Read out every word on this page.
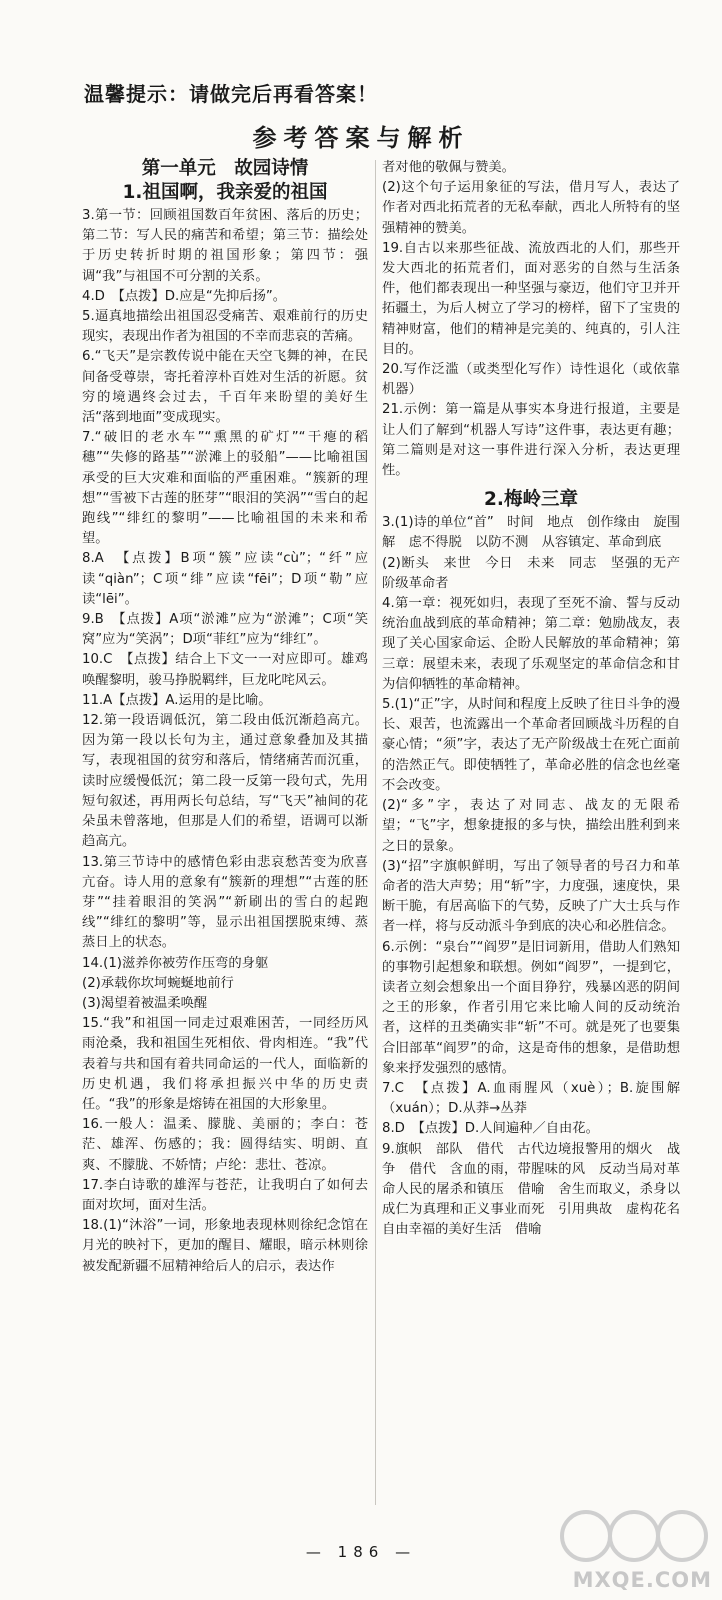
温馨提示：请做完后再看答案！
参考答案与解析
第一单元　故园诗情
1.祖国啊，我亲爱的祖国

3.第一节：回顾祖国数百年贫困、落后的历史；第二节：写人民的痛苦和希望；第三节：描绘处于历史转折时期的祖国形象；第四节：强调“我”与祖国不可分割的关系。

4.D　【点拨】D.应是“先抑后扬”。

5.逼真地描绘出祖国忍受痛苦、艰难前行的历史现实，表现出作者为祖国的不幸而悲哀的苦痛。

6.“飞天”是宗教传说中能在天空飞舞的神，在民间备受尊崇，寄托着淳朴百姓对生活的祈愿。贫穷的境遇终会过去，千百年来盼望的美好生活“落到地面”变成现实。

7.“破旧的老水车”“熏黑的矿灯”“干瘪的稻穗”“失修的路基”“淤滩上的驳船”——比喻祖国承受的巨大灾难和面临的严重困难。“簇新的理想”“雪被下古莲的胚芽”“眼泪的笑涡”“雪白的起跑线”“绯红的黎明”——比喻祖国的未来和希望。

8.A　【点拨】B项“簇”应读“cù”；“纤”应读“qiàn”；C项“绯”应读“fēi”；D项“勒”应读“lēi”。

9.B　【点拨】A项“淤滩”应为“淤滩”；C项“笑窝”应为“笑涡”；D项“菲红”应为“绯红”。

10.C　【点拨】结合上下文一一对应即可。雄鸡唤醒黎明，骏马挣脱羁绊，巨龙叱咤风云。

11.A【点拨】A.运用的是比喻。

12.第一段语调低沉，第二段由低沉渐趋高亢。因为第一段以长句为主，通过意象叠加及其描写，表现祖国的贫穷和落后，情绪痛苦而沉重，读时应缓慢低沉；第二段一反第一段句式，先用短句叙述，再用两长句总结，写“飞天”袖间的花朵虽未曾落地，但那是人们的希望，语调可以渐趋高亢。

13.第三节诗中的感情色彩由悲哀愁苦变为欣喜亢奋。诗人用的意象有“簇新的理想”“古莲的胚芽”“挂着眼泪的笑涡”“新刷出的雪白的起跑线”“绯红的黎明”等，显示出祖国摆脱束缚、蒸蒸日上的状态。

14.(1)滋养你被劳作压弯的身躯
(2)承载你坎坷蜿蜒地前行
(3)渴望着被温柔唤醒

15.“我”和祖国一同走过艰难困苦，一同经历风雨沧桑，我和祖国生死相依、骨肉相连。“我”代表着与共和国有着共同命运的一代人，面临新的历史机遇，我们将承担振兴中华的历史责任。“我”的形象是熔铸在祖国的大形象里。

16.一般人：温柔、朦胧、美丽的；李白：苍茫、雄浑、伤感的；我：圆得结实、明朗、直爽、不朦胧、不娇情；卢纶：悲壮、苍凉。

17.李白诗歌的雄浑与苍茫，让我明白了如何去面对坎坷，面对生活。

18.(1)“沐浴”一词，形象地表现林则徐纪念馆在月光的映衬下，更加的醒目、耀眼，暗示林则徐被发配新疆不屈精神给后人的启示，表达作

者对他的敬佩与赞美。

(2)这个句子运用象征的写法，借月写人，表达了作者对西北拓荒者的无私奉献，西北人所特有的坚强精神的赞美。

19.自古以来那些征战、流放西北的人们，那些开发大西北的拓荒者们，面对恶劣的自然与生活条件，他们都表现出一种坚强与豪迈，他们守卫并开拓疆土，为后人树立了学习的榜样，留下了宝贵的精神财富，他们的精神是完美的、纯真的，引人注目的。

20.写作泛滥（或类型化写作）诗性退化（或依靠机器）

21.示例：第一篇是从事实本身进行报道，主要是让人们了解到“机器人写诗”这件事，表达更有趣；第二篇则是对这一事件进行深入分析，表达更理性。

2.梅岭三章

3.(1)诗的单位“首”　时间　地点　创作缘由　旋围解　虑不得脱　以防不测　从容镇定、革命到底
(2)断头　来世　今日　未来　同志　坚强的无产阶级革命者

4.第一章：视死如归，表现了至死不渝、誓与反动统治血战到底的革命精神；第二章：勉励战友，表现了关心国家命运、企盼人民解放的革命精神；第三章：展望未来，表现了乐观坚定的革命信念和甘为信仰牺牲的革命精神。

5.(1)“正”字，从时间和程度上反映了往日斗争的漫长、艰苦，也流露出一个革命者回顾战斗历程的自豪心情；“须”字，表达了无产阶级战士在死亡面前的浩然正气。即使牺牲了，革命必胜的信念也丝毫不会改变。
(2)“多”字，表达了对同志、战友的无限希望；“飞”字，想象捷报的多与快，描绘出胜利到来之日的景象。
(3)“招”字旗帜鲜明，写出了领导者的号召力和革命者的浩大声势；用“斩”字，力度强，速度快，果断干脆，有居高临下的气势，反映了广大士兵与作者一样，将与反动派斗争到底的决心和必胜信念。

6.示例：“泉台”“阎罗”是旧词新用，借助人们熟知的事物引起想象和联想。例如“阎罗”，一提到它，读者立刻会想象出一个面目狰狞，残暴凶恶的阴间之王的形象，作者引用它来比喻人间的反动统治者，这样的丑类确实非“斩”不可。就是死了也要集合旧部革“阎罗”的命，这是奇伟的想象，是借助想象来抒发强烈的感情。

7.C　【点拨】A.血雨腥风（xuè）；B.旋围解（xuán）；D.从莽→丛莽

8.D　【点拨】D.人间遍种／自由花。

9.旗帜　部队　借代　古代边境报警用的烟火　战争　借代　含血的雨，带腥味的风　反动当局对革命人民的屠杀和镇压　借喻　舍生而取义，杀身以成仁为真理和正义事业而死　引用典故　虚构花名　自由幸福的美好生活　借喻

— 186 —
MXQE.COM
